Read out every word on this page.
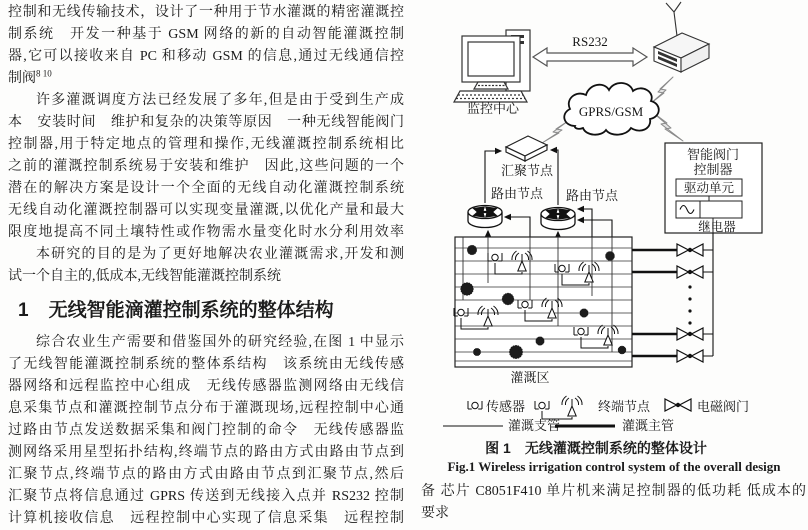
控制和无线传输技术，设计了一种用于节水灌溉的精密灌溉控
制系统　开发一种基于 GSM 网络的新的自动智能灌溉控制
器,它可以接收来自 PC 和移动 GSM 的信息,通过无线通信控
制阀$^{8 10}$
许多灌溉调度方法已经发展了多年,但是由于受到生产成
本　安装时间　维护和复杂的决策等原因　一种无线智能阀门
控制器,用于特定地点的管理和操作,无线灌溉控制系统相比
之前的灌溉控制系统易于安装和维护　因此,这些问题的一个
潜在的解决方案是设计一个全面的无线自动化灌溉控制系统
无线自动化灌溉控制器可以实现变量灌溉,以优化产量和最大
限度地提高不同土壤特性或作物需水量变化时水分利用效率
本研究的目的是为了更好地解决农业灌溉需求,开发和测
试一个自主的,低成本,无线智能灌溉控制系统
1 无线智能滴灌控制系统的整体结构
综合农业生产需要和借鉴国外的研究经验,在图 1 中显示
了无线智能灌溉控制系统的整体系结构　该系统由无线传感
器网络和远程监控中心组成　无线传感器监测网络由无线信
息采集节点和灌溉控制节点分布于灌溉现场,远程控制中心通
过路由节点发送数据采集和阀门控制的命令　无线传感器监
测网络采用星型拓扑结构,终端节点的路由方式由路由节点到
汇聚节点,终端节点的路由方式由路由节点到汇聚节点,然后
汇聚节点将信息通过 GPRS 传送到无线接入点并 RS232 控制
计算机接收信息　远程控制中心实现了信息采集　远程控制
监控中心
RS232
GPRS/GSM
汇聚节点
路由节点 路由节点
灌溉区
智能阀门
控制器
驱动单元
继电器
传感器	终端节点	电磁阀门
灌溉支管	灌溉主管
图 1　无线灌溉控制系统的整体设计
Fig.1 Wireless irrigation control system of the overall design
备 芯片 C8051F410 单片机来满足控制器的低功耗 低成本的
要求
